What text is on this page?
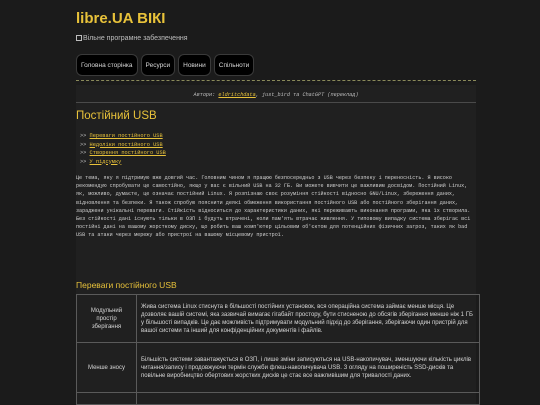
libre.UA ВІКІ
Вільне програмне забезпечення
Головна сторінка	Ресурси	Новини	Спільноти
Автори: eldritchdata, just_bird та ChatGPT (переклад)
Постійний USB
>> Переваги постійного USB
>> Недоліки постійного USB
>> Створення постійного USB
>> У підсумку

Це тема, яку я підтримую вже довгий час. Головним чином я працюю безпосередньо з USB через безпеку і переносність. Я високо рекомендую спробувати це самостійно, якщо у вас є вільний USB на 32 ГБ. Ви можете вивчити це важливим досвідом. Постійний Linux, як, можливо, думаєте, це означає постійний Linux. Я розпізнаю своє розуміння стійкості відносно GNU/Linux, збереження даних, відновлення та безпеки. Я також спробую пояснити деякі обмеження використання постійного USB або постійного зберігання даних, зараджени унікальні переваги. Стійкість відноситься до характеристики даних, які переживають виконання програми, яка їх створила. Без стійкості дані існують тільки в ОЗП і будуть втрачені, коли пам'ять втрачає живлення. У типовому випадку система зберігає всі постійні дані на вашому жорсткому диску, що робить ваш комп'ютер цільовим об'єктом для потенційних фізичних загроз, таких як bad USB та атаки через мережу або пристрої на вашому місцевому пристрої.

Переваги постійного USB
Модульний простір зберігання	Жива система Linux стиснута в більшості постійних установок, вся операційна система займає менше місця. Це дозволяє вашій системі, яка зазвичай вимагає гігабайт простору, бути стисненою до обсягів зберігання менше ніж 1 ГБ у більшості випадків. Це дає можливість підтримувати модульний підхід до зберігання, зберігаючи один пристрій для вашої системи та інший для конфіденційних документів і файлів.
Менше зносу	Більшість системи завантажується в ОЗП, і лише зміни записуються на USB-накопичувач, зменшуючи кількість циклів читання/запису і продовжуючи термін служби флеш-накопичувача USB. З огляду на поширеність SSD-дисків та повільне виробництво обертових жорстких дисків це стає все важливішим для тривалості даних.
